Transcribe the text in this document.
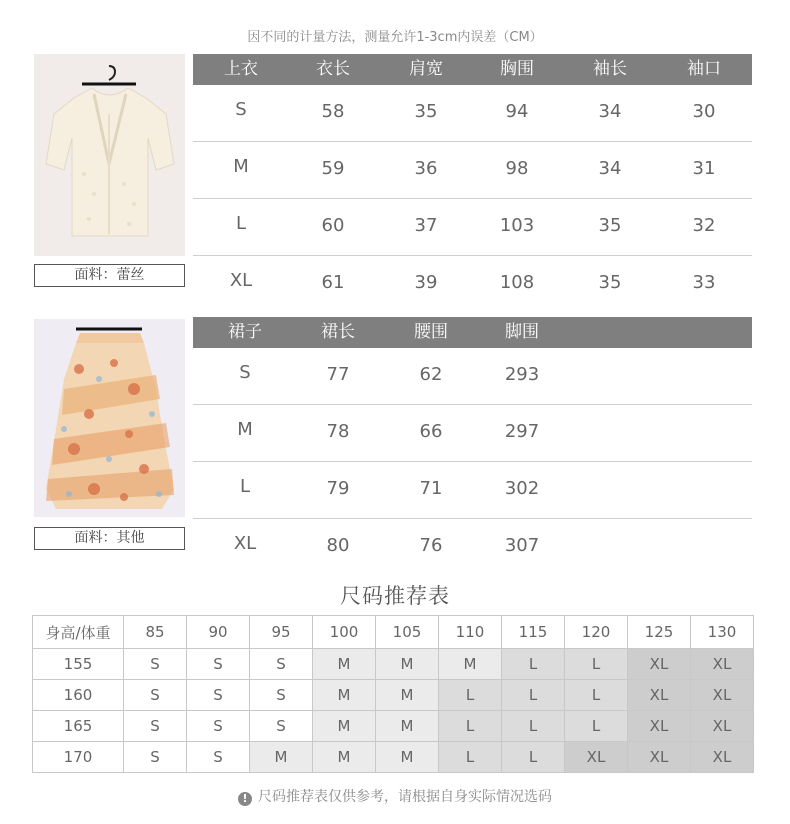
因不同的计量方法，测量允许1-3cm内误差（CM）
面料：蕾丝
上衣	衣长	肩宽	胸围	袖长	袖口
S	58	35	94	34	30
M	59	36	98	34	31
L	60	37	103	35	32
XL	61	39	108	35	33
面料：其他
裙子	裙长	腰围	脚围
S	77	62	293
M	78	66	297
L	79	71	302
XL	80	76	307
尺码推荐表
身高/体重	85	90	95	100	105	110	115	120	125	130
155	S	S	S	M	M	M	L	L	XL	XL
160	S	S	S	M	M	L	L	L	XL	XL
165	S	S	S	M	M	L	L	L	XL	XL
170	S	S	M	M	M	L	L	XL	XL	XL
! 尺码推荐表仅供参考，请根据自身实际情况选码
